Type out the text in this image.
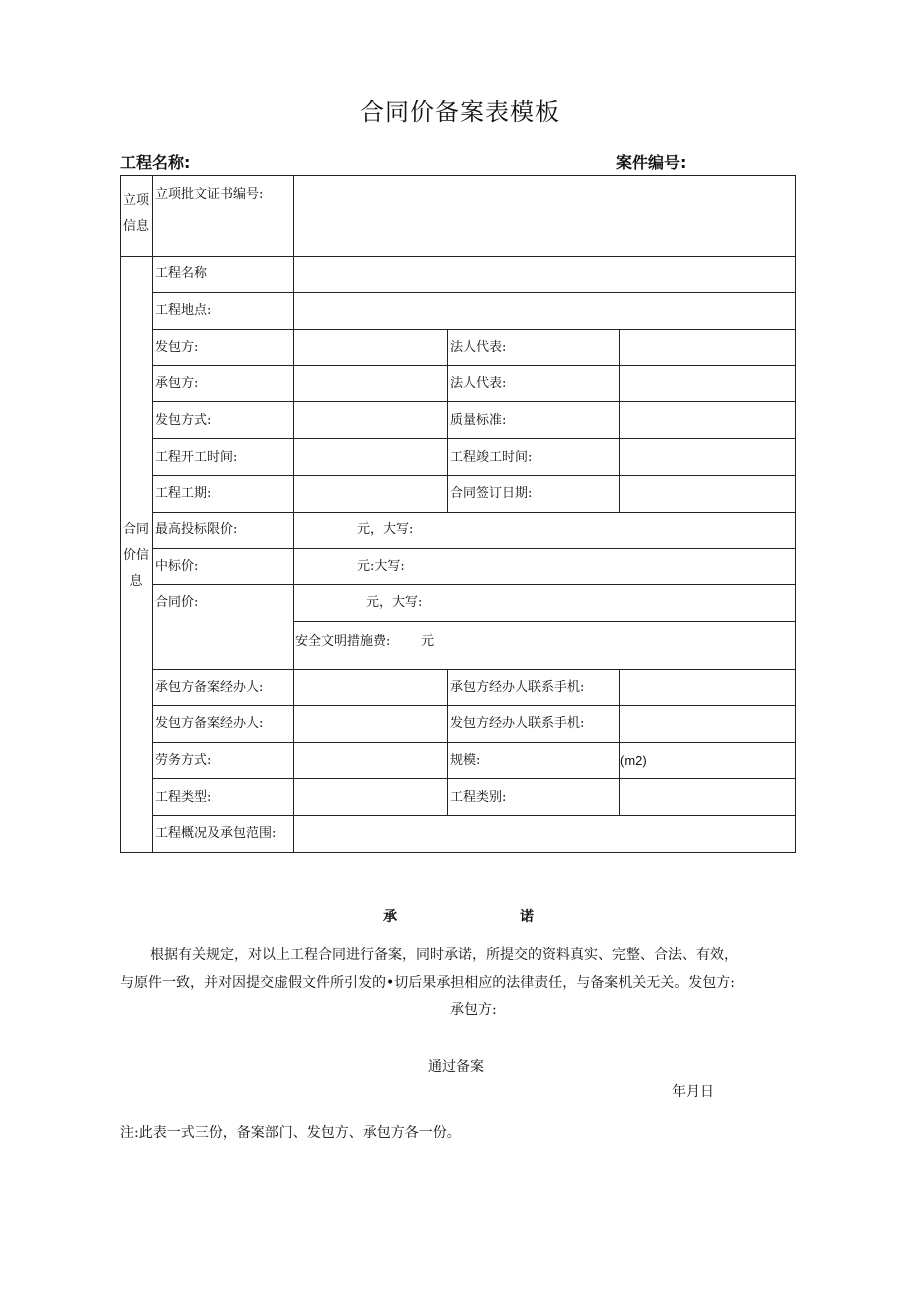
合同价备案表模板
工程名称:	案件编号:
立项
信息
合同
价信
息
立项批文证书编号:
工程名称
工程地点:
发包方:	法人代表:
承包方:	法人代表:
发包方式:	质量标准:
工程开工时间:	工程竣工时间:
工程工期:	合同签订日期:
最高投标限价:	元，大写:
中标价:	元:大写:
合同价:	元，大写:
安全文明措施费: 元
承包方备案经办人:	承包方经办人联系手机:
发包方备案经办人:	发包方经办人联系手机:
劳务方式:	规模:	(m2)
工程类型:	工程类别:
工程概况及承包范围:
承	诺
根据有关规定，对以上工程合同进行备案，同时承诺，所提交的资料真实、完整、合法、有效，
与原件一致，并对因提交虚假文件所引发的•切后果承担相应的法律责任，与备案机关无关。发包方:
承包方:
通过备案
年月日
注:此表一式三份，备案部门、发包方、承包方各一份。
